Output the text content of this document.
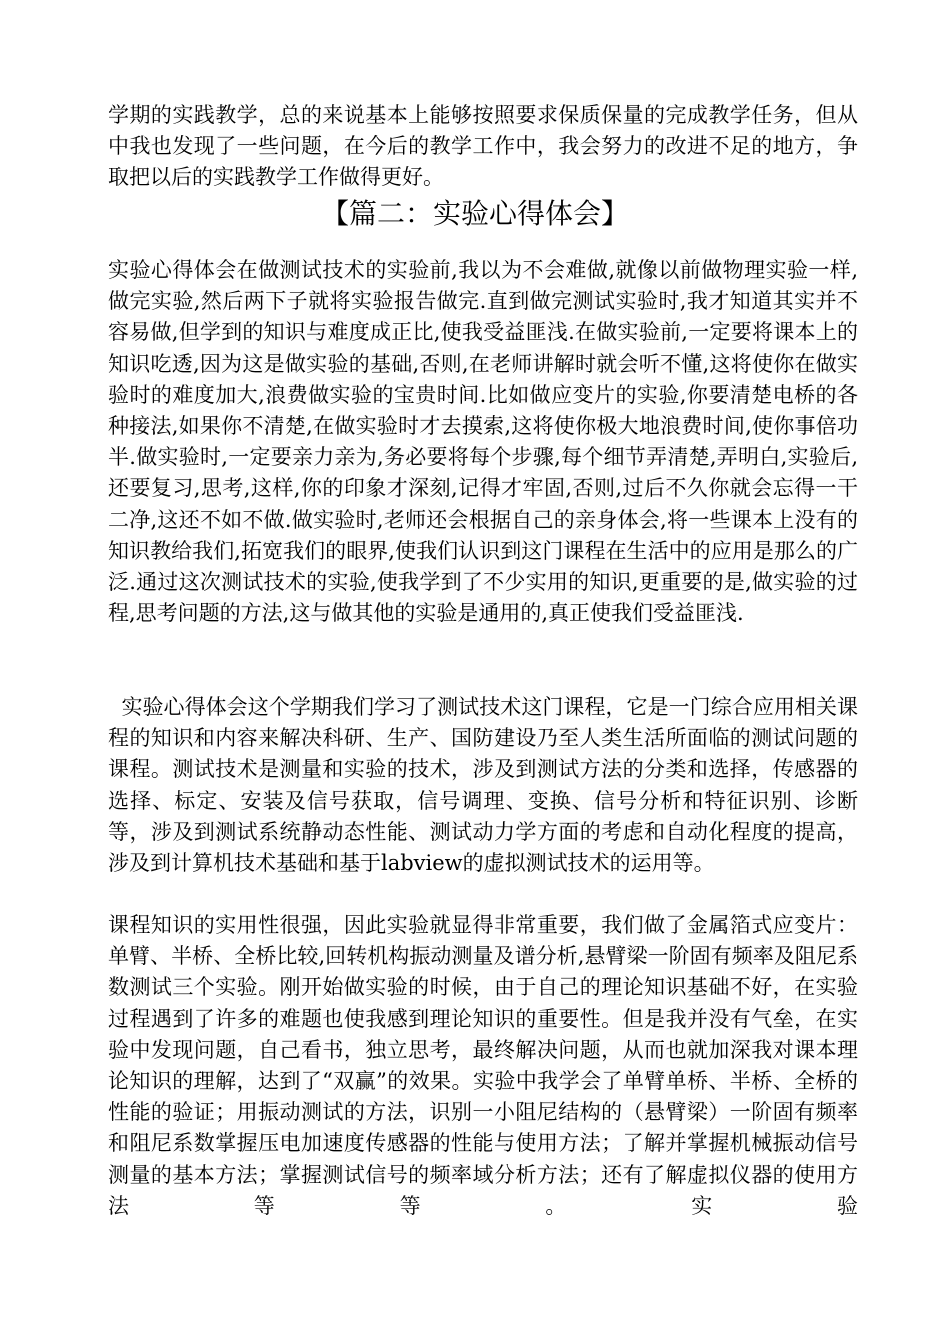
学期的实践教学，总的来说基本上能够按照要求保质保量的完成教学任务，但从中我也发现了一些问题，在今后的教学工作中，我会努力的改进不足的地方，争取把以后的实践教学工作做得更好。

【篇二：实验心得体会】

实验心得体会在做测试技术的实验前,我以为不会难做,就像以前做物理实验一样,做完实验,然后两下子就将实验报告做完.直到做完测试实验时,我才知道其实并不容易做,但学到的知识与难度成正比,使我受益匪浅.在做实验前,一定要将课本上的知识吃透,因为这是做实验的基础,否则,在老师讲解时就会听不懂,这将使你在做实验时的难度加大,浪费做实验的宝贵时间.比如做应变片的实验,你要清楚电桥的各种接法,如果你不清楚,在做实验时才去摸索,这将使你极大地浪费时间,使你事倍功半.做实验时,一定要亲力亲为,务必要将每个步骤,每个细节弄清楚,弄明白,实验后,还要复习,思考,这样,你的印象才深刻,记得才牢固,否则,过后不久你就会忘得一干二净,这还不如不做.做实验时,老师还会根据自己的亲身体会,将一些课本上没有的知识教给我们,拓宽我们的眼界,使我们认识到这门课程在生活中的应用是那么的广泛.通过这次测试技术的实验,使我学到了不少实用的知识,更重要的是,做实验的过程,思考问题的方法,这与做其他的实验是通用的,真正使我们受益匪浅.

实验心得体会这个学期我们学习了测试技术这门课程，它是一门综合应用相关课程的知识和内容来解决科研、生产、国防建设乃至人类生活所面临的测试问题的课程。测试技术是测量和实验的技术，涉及到测试方法的分类和选择，传感器的选择、标定、安装及信号获取，信号调理、变换、信号分析和特征识别、诊断等，涉及到测试系统静动态性能、测试动力学方面的考虑和自动化程度的提高，涉及到计算机技术基础和基于labview的虚拟测试技术的运用等。

课程知识的实用性很强，因此实验就显得非常重要，我们做了金属箔式应变片：单臂、半桥、全桥比较,回转机构振动测量及谱分析,悬臂梁一阶固有频率及阻尼系数测试三个实验。刚开始做实验的时候，由于自己的理论知识基础不好，在实验过程遇到了许多的难题也使我感到理论知识的重要性。但是我并没有气垒，在实验中发现问题，自己看书，独立思考，最终解决问题，从而也就加深我对课本理论知识的理解，达到了“双赢”的效果。实验中我学会了单臂单桥、半桥、全桥的性能的验证；用振动测试的方法，识别一小阻尼结构的（悬臂梁）一阶固有频率和阻尼系数掌握压电加速度传感器的性能与使用方法；了解并掌握机械振动信号测量的基本方法；掌握测试信号的频率域分析方法；还有了解虚拟仪器的使用方法等等。实验
